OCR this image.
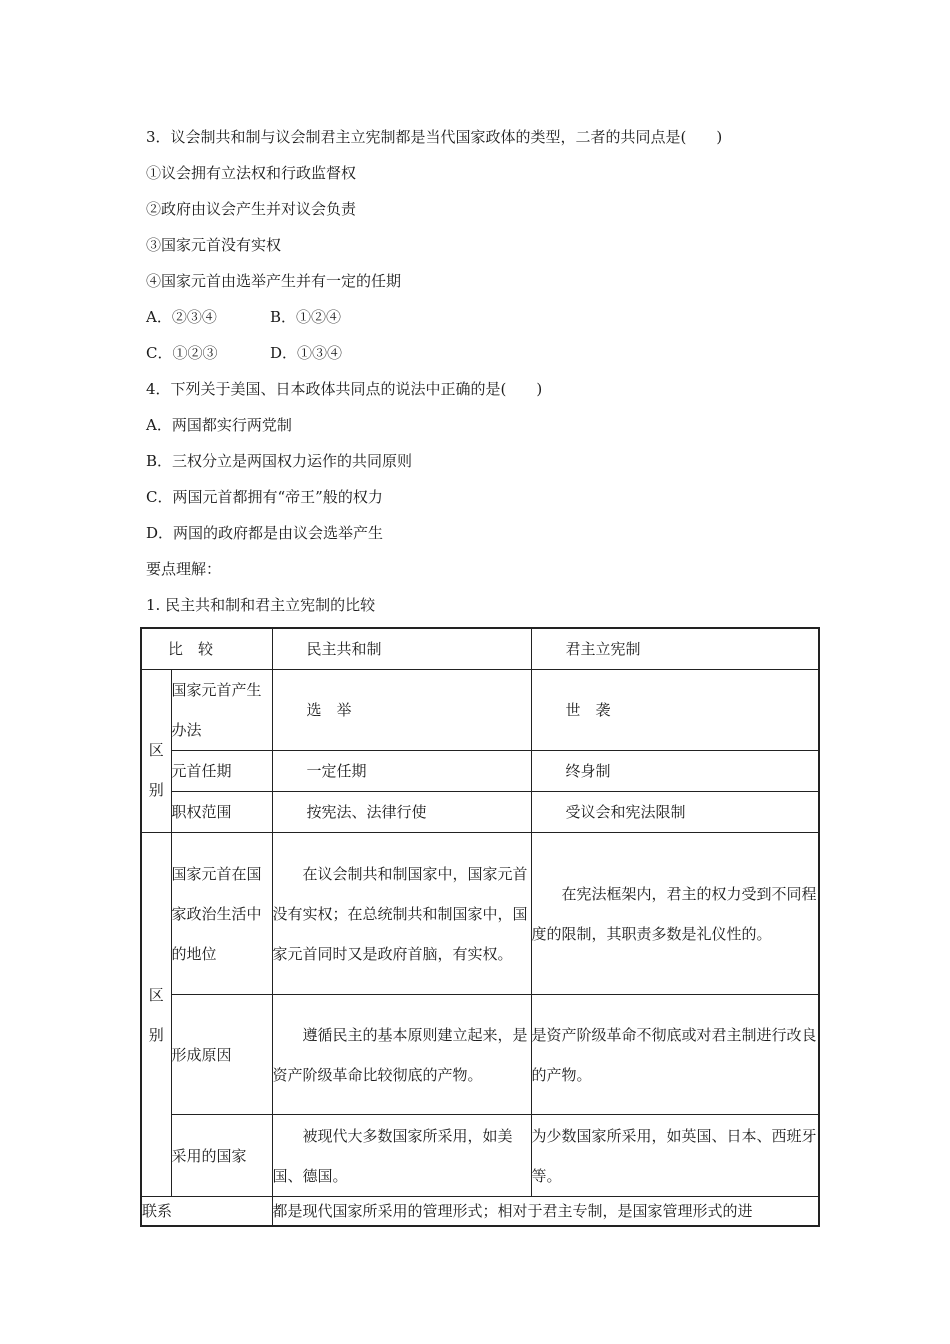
3．议会制共和制与议会制君主立宪制都是当代国家政体的类型，二者的共同点是(　　)
①议会拥有立法权和行政监督权
②政府由议会产生并对议会负责
③国家元首没有实权
④国家元首由选举产生并有一定的任期
A．②③④	B．①②④
C．①②③	D．①③④
4．下列关于美国、日本政体共同点的说法中正确的是(　　)
A．两国都实行两党制
B．三权分立是两国权力运作的共同原则
C．两国元首都拥有“帝王”般的权力
D．两国的政府都是由议会选举产生
要点理解：
1. 民主共和制和君主立宪制的比较
比　较		民主共和制	君主立宪制

区别	国家元首产生办法	选　举	世　袭
	元首任期	一定任期	终身制
	职权范围	按宪法、法律行使	受议会和宪法限制

区别	国家元首在国家政治生活中的地位	在议会制共和制国家中，国家元首没有实权；在总统制共和制国家中，国家元首同时又是政府首脑，有实权。	在宪法框架内，君主的权力受到不同程度的限制，其职责多数是礼仪性的。
	形成原因	遵循民主的基本原则建立起来，是资产阶级革命比较彻底的产物。	是资产阶级革命不彻底或对君主制进行改良的产物。
	采用的国家	被现代大多数国家所采用，如美国、德国。	为少数国家所采用，如英国、日本、西班牙等。
联系		都是现代国家所采用的管理形式；相对于君主专制，是国家管理形式的进	
